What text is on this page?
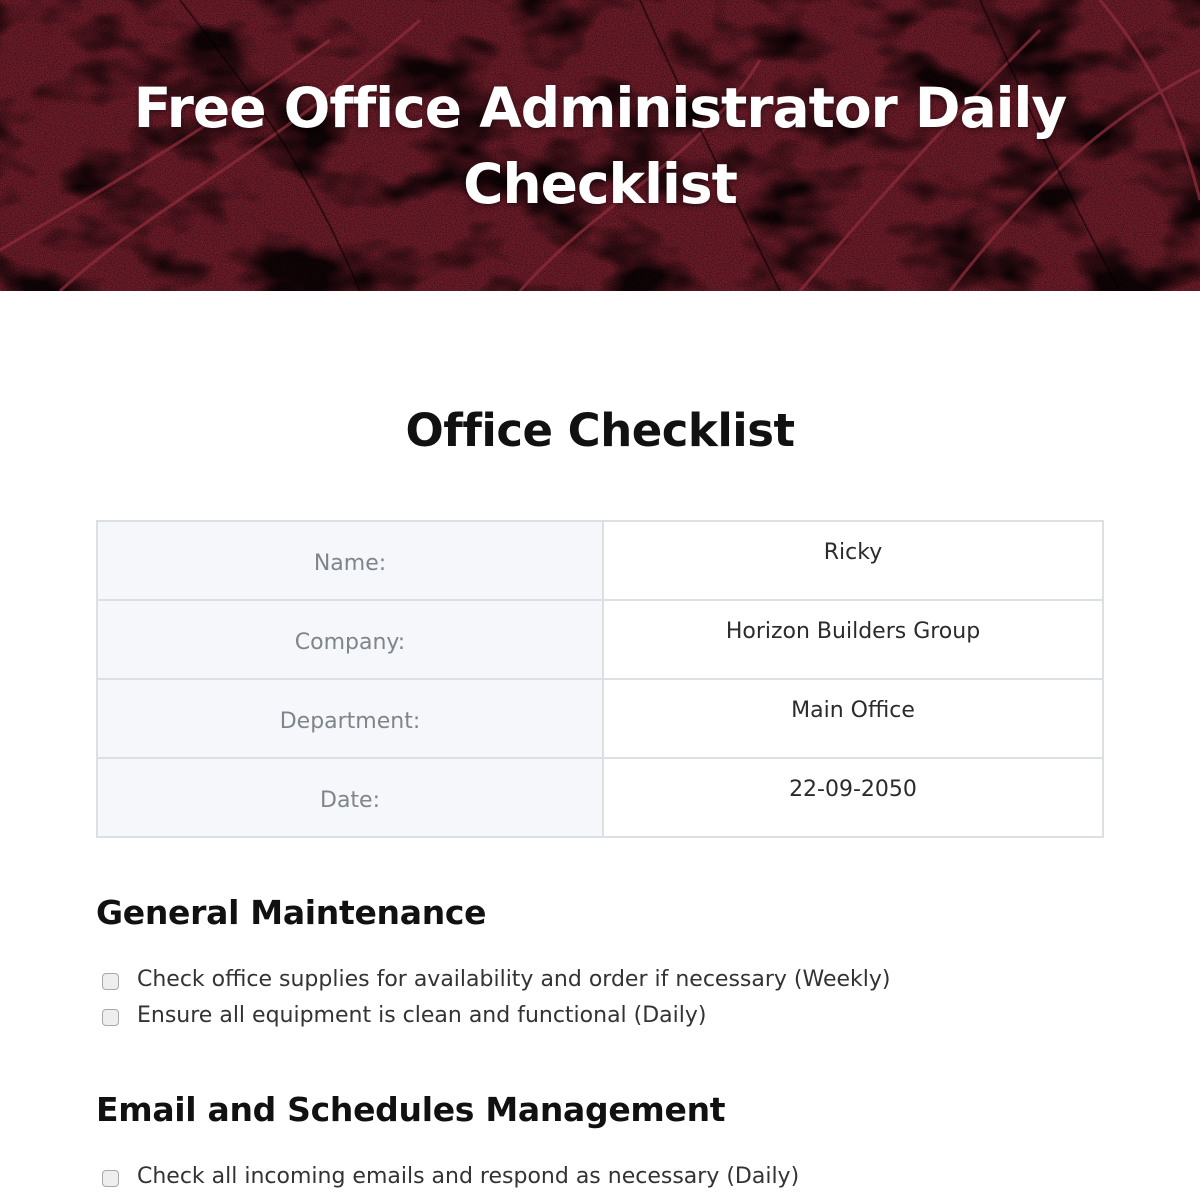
Free Office Administrator Daily
Checklist
Office Checklist
Name:	Ricky
Company:	Horizon Builders Group
Department:	Main Office
Date:	22-09-2050
General Maintenance
Check office supplies for availability and order if necessary (Weekly)
Ensure all equipment is clean and functional (Daily)
Email and Schedules Management
Check all incoming emails and respond as necessary (Daily)
